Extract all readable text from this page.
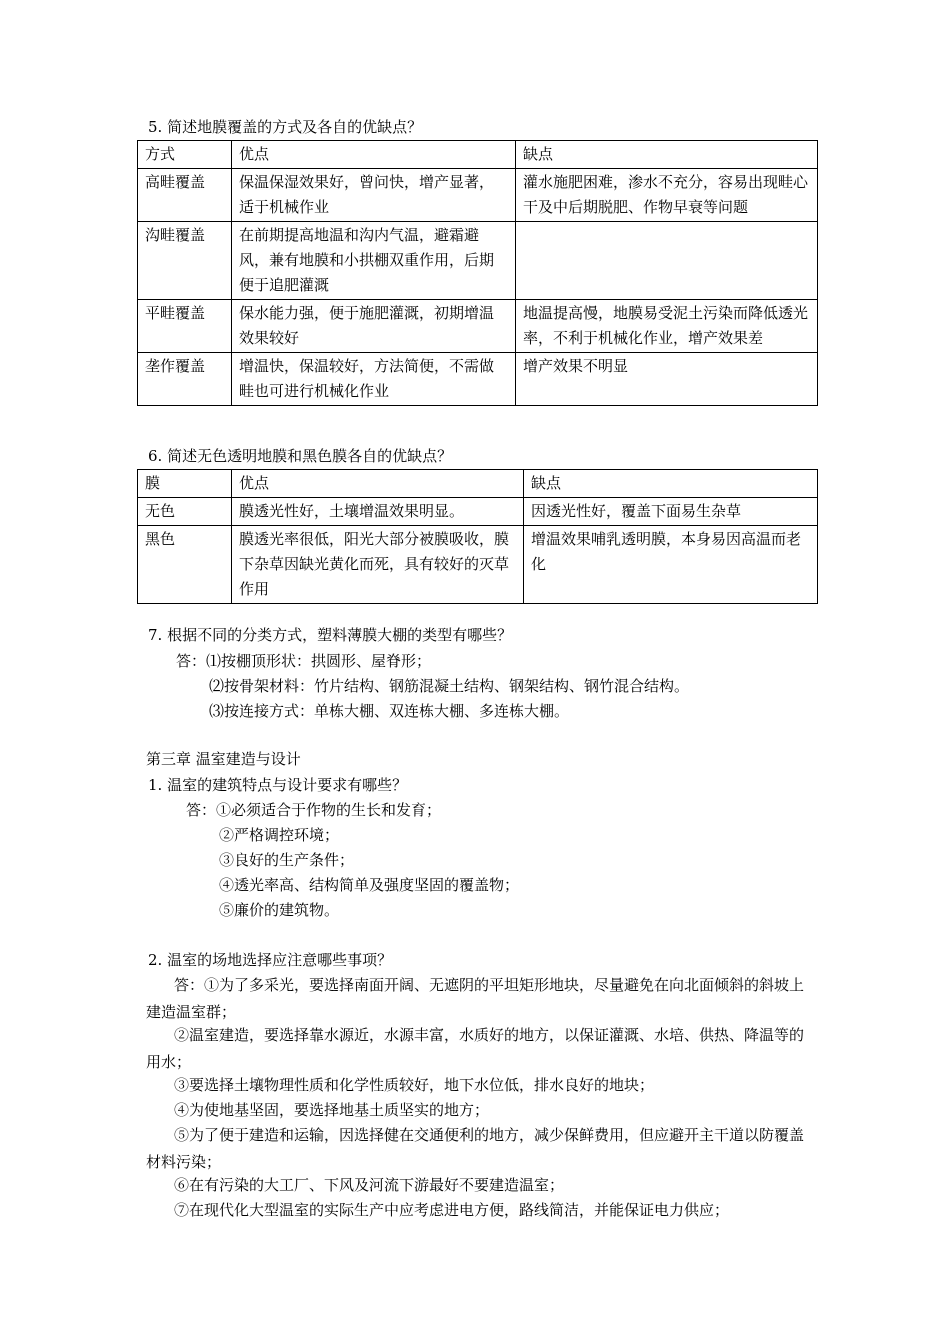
5. 简述地膜覆盖的方式及各自的优缺点？
方式	优点	缺点
高畦覆盖	保温保湿效果好，曾问快，增产显著，适于机械作业	灌水施肥困难，渗水不充分，容易出现畦心干及中后期脱肥、作物早衰等问题
沟畦覆盖	在前期提高地温和沟内气温，避霜避风，兼有地膜和小拱棚双重作用，后期便于追肥灌溉	
平畦覆盖	保水能力强，便于施肥灌溉，初期增温效果较好	地温提高慢，地膜易受泥土污染而降低透光率，不利于机械化作业，增产效果差
垄作覆盖	增温快，保温较好，方法简便，不需做畦也可进行机械化作业	增产效果不明显
6. 简述无色透明地膜和黑色膜各自的优缺点？
膜	优点	缺点
无色	膜透光性好，土壤增温效果明显。	因透光性好，覆盖下面易生杂草
黑色	膜透光率很低，阳光大部分被膜吸收，膜下杂草因缺光黄化而死，具有较好的灭草作用	增温效果哺乳透明膜，本身易因高温而老化
7. 根据不同的分类方式，塑料薄膜大棚的类型有哪些？
答：⑴按棚顶形状：拱圆形、屋脊形；
⑵按骨架材料：竹片结构、钢筋混凝土结构、钢架结构、钢竹混合结构。
⑶按连接方式：单栋大棚、双连栋大棚、多连栋大棚。
第三章 温室建造与设计
1. 温室的建筑特点与设计要求有哪些？
答：①必须适合于作物的生长和发育；
②严格调控环境；
③良好的生产条件；
④透光率高、结构简单及强度坚固的覆盖物；
⑤廉价的建筑物。
2. 温室的场地选择应注意哪些事项？
答：①为了多采光，要选择南面开阔、无遮阴的平坦矩形地块，尽量避免在向北面倾斜的斜坡上建造温室群；
②温室建造，要选择靠水源近，水源丰富，水质好的地方，以保证灌溉、水培、供热、降温等的用水；
③要选择土壤物理性质和化学性质较好，地下水位低，排水良好的地块；
④为使地基坚固，要选择地基土质坚实的地方；
⑤为了便于建造和运输，因选择健在交通便利的地方，减少保鲜费用，但应避开主干道以防覆盖材料污染；
⑥在有污染的大工厂、下风及河流下游最好不要建造温室；
⑦在现代化大型温室的实际生产中应考虑进电方便，路线简洁，并能保证电力供应；
